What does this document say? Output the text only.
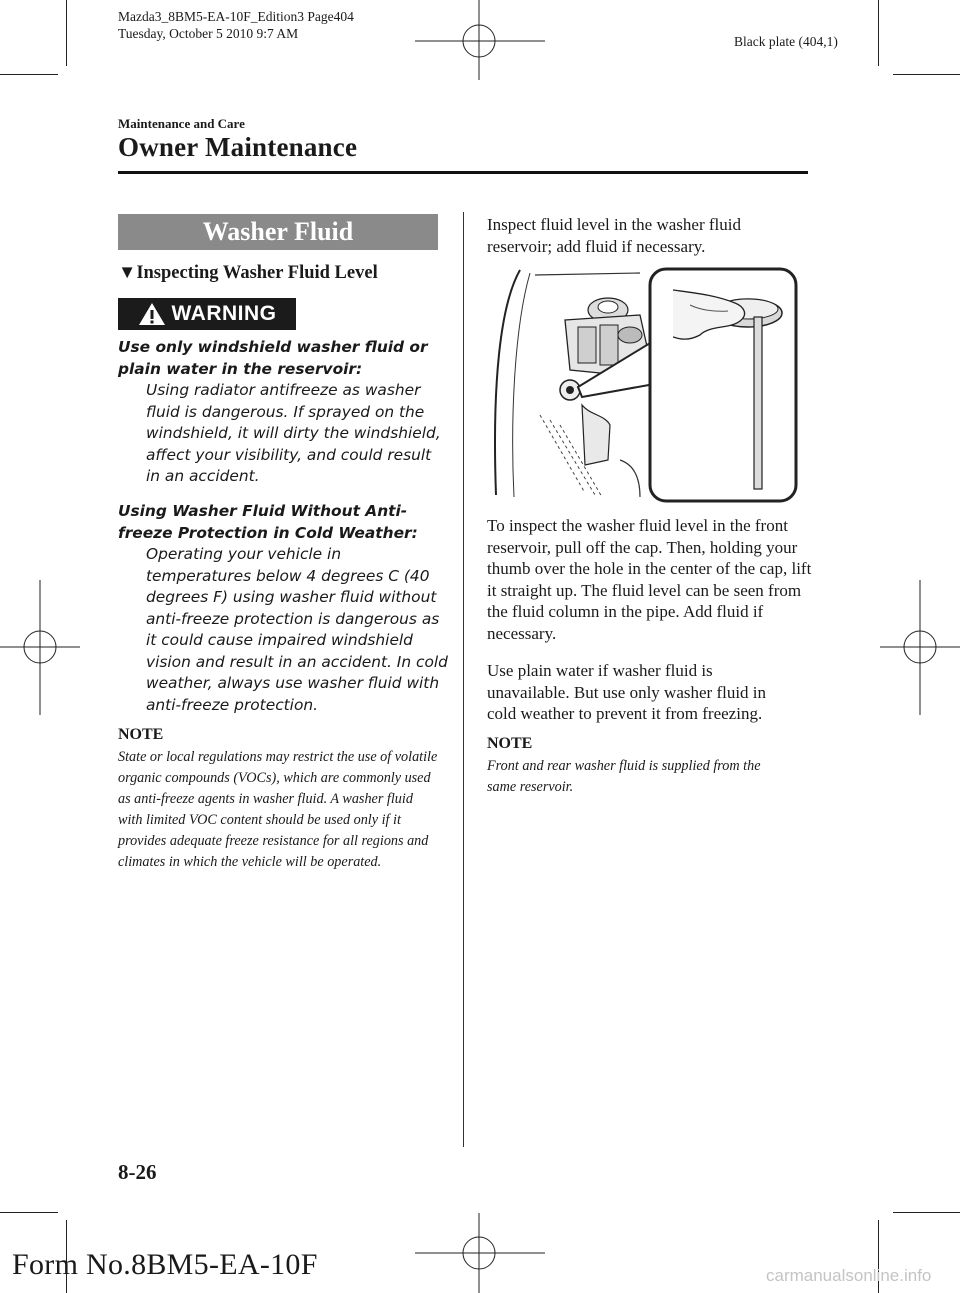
Mazda3_8BM5-EA-10F_Edition3 Page404
Tuesday, October 5 2010 9:7 AM
Black plate (404,1)
Maintenance and Care
Owner Maintenance
Washer Fluid
▼Inspecting Washer Fluid Level
WARNING
Use only windshield washer fluid or plain water in the reservoir:
Using radiator antifreeze as washer fluid is dangerous. If sprayed on the windshield, it will dirty the windshield, affect your visibility, and could result in an accident.
Using Washer Fluid Without Anti-freeze Protection in Cold Weather:
Operating your vehicle in temperatures below 4 degrees C (40 degrees F) using washer fluid without anti-freeze protection is dangerous as it could cause impaired windshield vision and result in an accident. In cold weather, always use washer fluid with anti-freeze protection.
NOTE
State or local regulations may restrict the use of volatile organic compounds (VOCs), which are commonly used as anti-freeze agents in washer fluid. A washer fluid with limited VOC content should be used only if it provides adequate freeze resistance for all regions and climates in which the vehicle will be operated.
Inspect fluid level in the washer fluid reservoir; add fluid if necessary.
To inspect the washer fluid level in the front reservoir, pull off the cap. Then, holding your thumb over the hole in the center of the cap, lift it straight up. The fluid level can be seen from the fluid column in the pipe. Add fluid if necessary.
Use plain water if washer fluid is unavailable. But use only washer fluid in cold weather to prevent it from freezing.
NOTE
Front and rear washer fluid is supplied from the same reservoir.
8-26
Form No.8BM5-EA-10F	carmanualsonline.info
